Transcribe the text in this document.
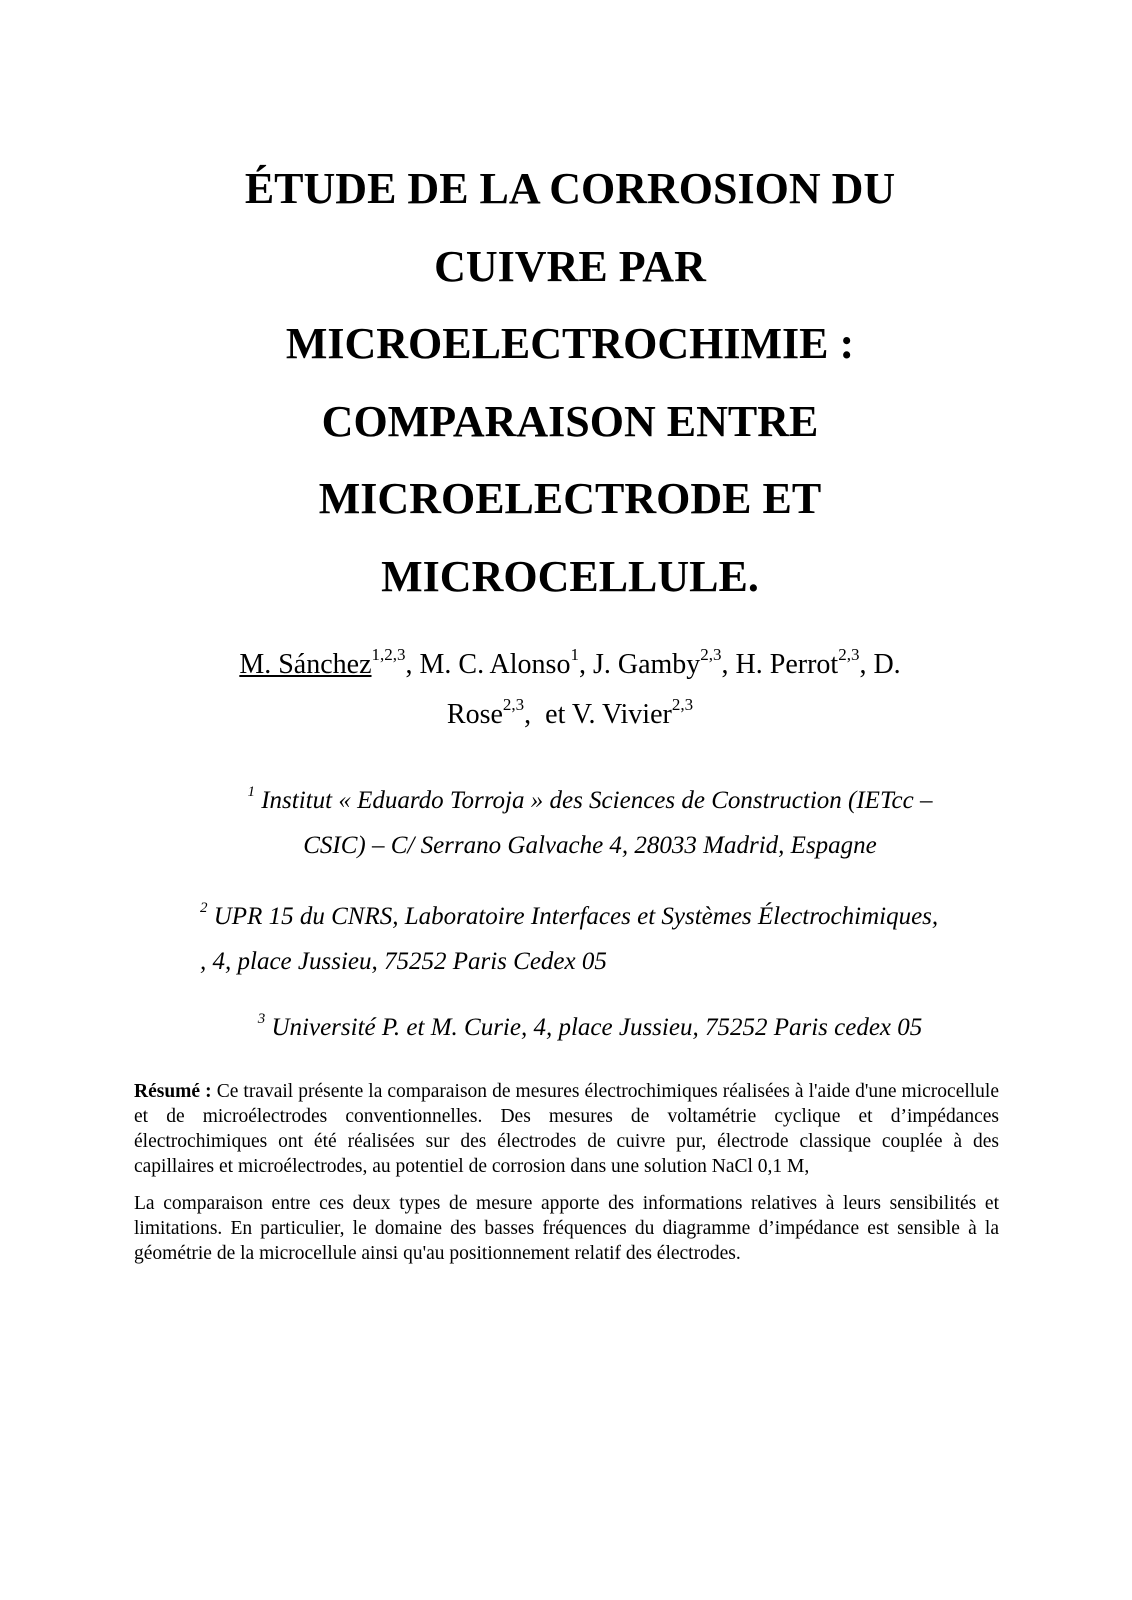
ÉTUDE DE LA CORROSION DU
CUIVRE PAR
MICROELECTROCHIMIE :
COMPARAISON ENTRE
MICROELECTRODE ET
MICROCELLULE.
M. Sánchez$^{1,2,3}$, M. C. Alonso$^1$, J. Gamby$^{2,3}$, H. Perrot$^{2,3}$, D.
Rose$^{2,3}$,  et V. Vivier$^{2,3}$
$^1$ Institut « Eduardo Torroja » des Sciences de Construction (IETcc –
CSIC) – C/ Serrano Galvache 4, 28033 Madrid, Espagne
$^2$ UPR 15 du CNRS, Laboratoire Interfaces et Systèmes Électrochimiques,
, 4, place Jussieu, 75252 Paris Cedex 05
$^3$ Université P. et M. Curie, 4, place Jussieu, 75252 Paris cedex 05

Résumé : Ce travail présente la comparaison de mesures électrochimiques réalisées à l'aide d'une microcellule et de microélectrodes conventionnelles. Des mesures de voltamétrie cyclique et d’impédances électrochimiques ont été réalisées sur des électrodes de cuivre pur, électrode classique couplée à des capillaires et microélectrodes, au potentiel de corrosion dans une solution NaCl 0,1 M,

La comparaison entre ces deux types de mesure apporte des informations relatives à leurs sensibilités et limitations. En particulier, le domaine des basses fréquences du diagramme d’impédance est sensible à la géométrie de la microcellule ainsi qu'au positionnement relatif des électrodes.
